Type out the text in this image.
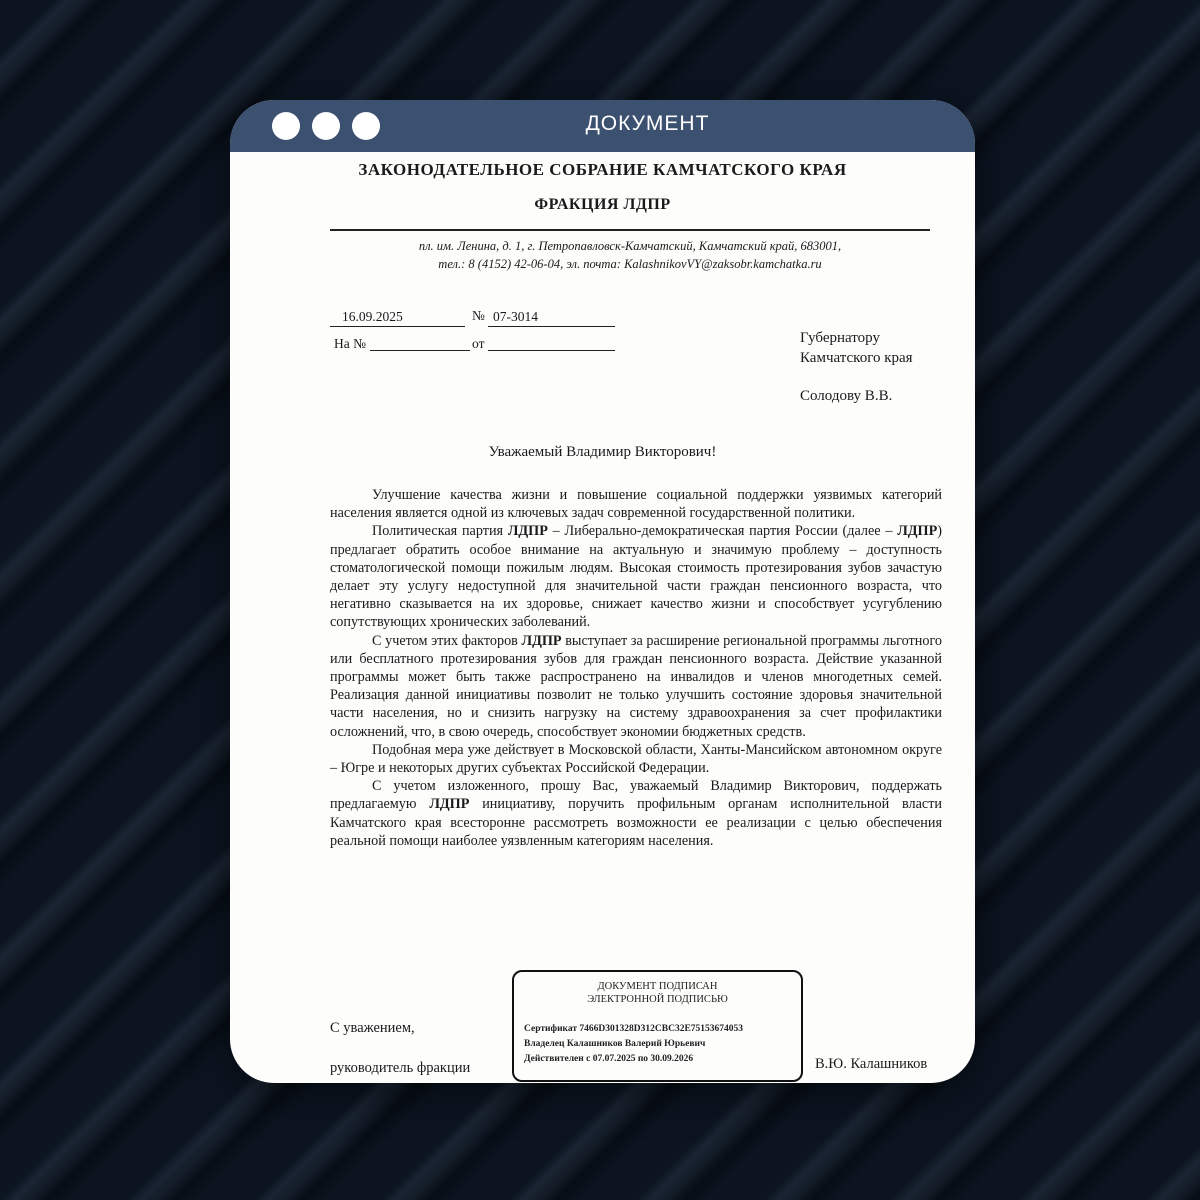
ДОКУМЕНТ
ЗАКОНОДАТЕЛЬНОЕ СОБРАНИЕ КАМЧАТСКОГО КРАЯ
ФРАКЦИЯ ЛДПР
пл. им. Ленина, д. 1, г. Петропавловск-Камчатский, Камчатский край, 683001,
тел.: 8 (4152) 42-06-04, эл. почта: KalashnikovVY@zaksobr.kamchatka.ru
16.09.2025	№ 07-3014
На №	от	Губернатору
Камчатского края
Солодову В.В.
Уважаемый Владимир Викторович!

Улучшение качества жизни и повышение социальной поддержки уязвимых категорий населения является одной из ключевых задач современной государственной политики.

Политическая партия ЛДПР – Либерально-демократическая партия России (далее – ЛДПР) предлагает обратить особое внимание на актуальную и значимую проблему – доступность стоматологической помощи пожилым людям. Высокая стоимость протезирования зубов зачастую делает эту услугу недоступной для значительной части граждан пенсионного возраста, что негативно сказывается на их здоровье, снижает качество жизни и способствует усугублению сопутствующих хронических заболеваний.

С учетом этих факторов ЛДПР выступает за расширение региональной программы льготного или бесплатного протезирования зубов для граждан пенсионного возраста. Действие указанной программы может быть также распространено на инвалидов и членов многодетных семей. Реализация данной инициативы позволит не только улучшить состояние здоровья значительной части населения, но и снизить нагрузку на систему здравоохранения за счет профилактики осложнений, что, в свою очередь, способствует экономии бюджетных средств.

Подобная мера уже действует в Московской области, Ханты-Мансийском автономном округе – Югре и некоторых других субъектах Российской Федерации.

С учетом изложенного, прошу Вас, уважаемый Владимир Викторович, поддержать предлагаемую ЛДПР инициативу, поручить профильным органам исполнительной власти Камчатского края всесторонне рассмотреть возможности ее реализации с целью обеспечения реальной помощи наиболее уязвленным категориям населения.

С уважением,
руководитель фракции
ДОКУМЕНТ ПОДПИСАН
ЭЛЕКТРОННОЙ ПОДПИСЬЮ
Сертификат 7466D301328D312CBC32E75153674053
Владелец Калашников Валерий Юрьевич
Действителен с 07.07.2025 по 30.09.2026	В.Ю. Калашников
